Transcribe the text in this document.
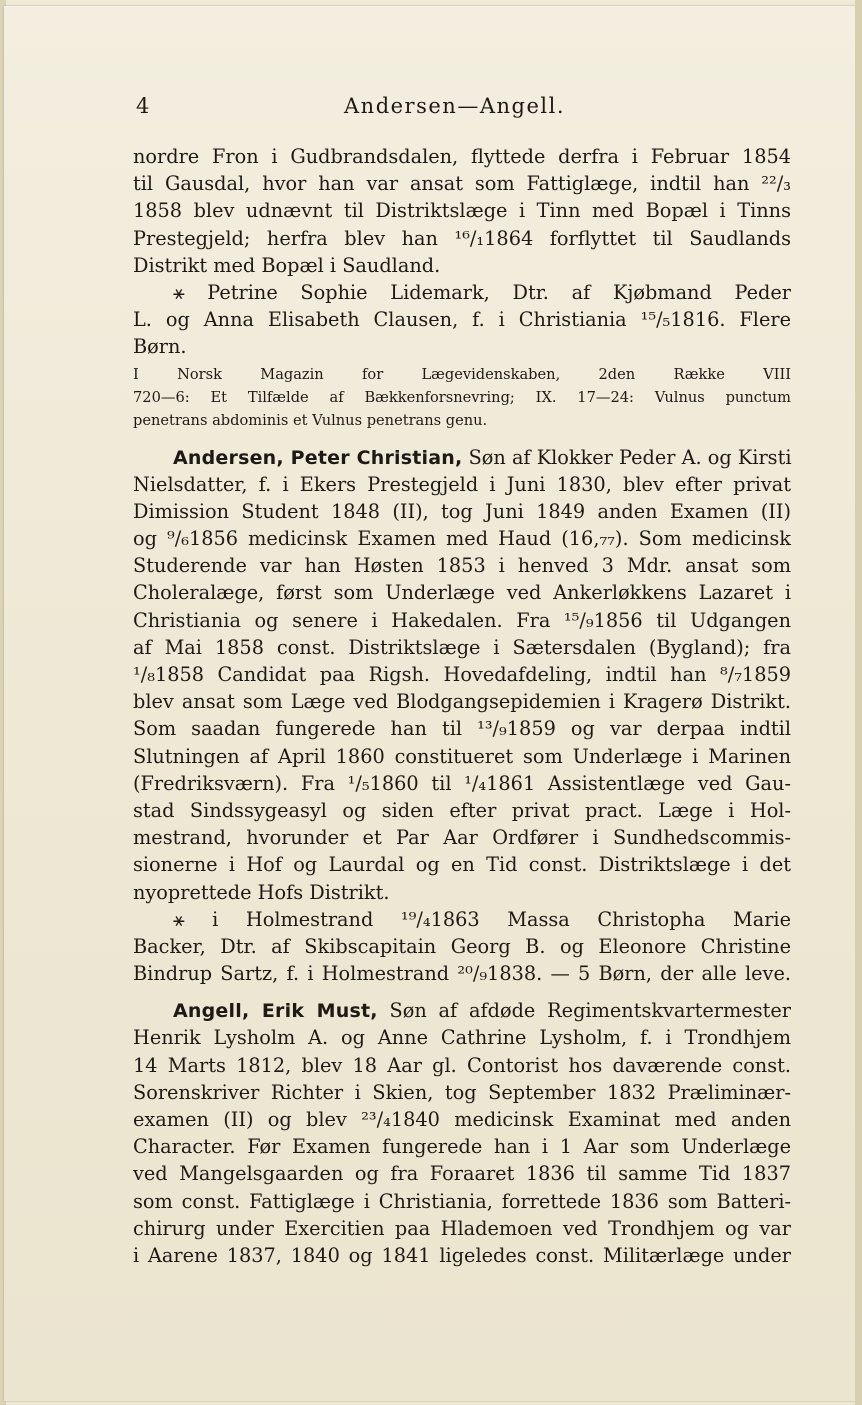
4	Andersen—Angell.
nordre Fron i Gudbrandsdalen, flyttede derfra i Februar 1854
til Gausdal, hvor han var ansat som Fattiglæge, indtil han ²²/₃
1858 blev udnævnt til Distriktslæge i Tinn med Bopæl i Tinns
Prestegjeld; herfra blev han ¹⁶/₁1864 forflyttet til Saudlands
Distrikt med Bopæl i Saudland.
⚹ Petrine Sophie Lidemark, Dtr. af Kjøbmand Peder
L. og Anna Elisabeth Clausen, f. i Christiania ¹⁵/₅1816. Flere
Børn.
I Norsk Magazin for Lægevidenskaben, 2den Række VIII
720—6: Et Tilfælde af Bækkenforsnevring; IX. 17—24: Vulnus punctum
penetrans abdominis et Vulnus penetrans genu.
Andersen, Peter Christian, Søn af Klokker Peder A. og Kirsti
Nielsdatter, f. i Ekers Prestegjeld i Juni 1830, blev efter privat
Dimission Student 1848 (II), tog Juni 1849 anden Examen (II)
og ⁹/₆1856 medicinsk Examen med Haud (16,₇₇). Som medicinsk
Studerende var han Høsten 1853 i henved 3 Mdr. ansat som
Choleralæge, først som Underlæge ved Ankerløkkens Lazaret i
Christiania og senere i Hakedalen. Fra ¹⁵/₉1856 til Udgangen
af Mai 1858 const. Distriktslæge i Sætersdalen (Bygland); fra
¹/₈1858 Candidat paa Rigsh. Hovedafdeling, indtil han ⁸/₇1859
blev ansat som Læge ved Blodgangsepidemien i Kragerø Distrikt.
Som saadan fungerede han til ¹³/₉1859 og var derpaa indtil
Slutningen af April 1860 constitueret som Underlæge i Marinen
(Fredriksværn). Fra ¹/₅1860 til ¹/₄1861 Assistentlæge ved Gau-
stad Sindssygeasyl og siden efter privat pract. Læge i Hol-
mestrand, hvorunder et Par Aar Ordfører i Sundhedscommis-
sionerne i Hof og Laurdal og en Tid const. Distriktslæge i det
nyoprettede Hofs Distrikt.
⚹ i Holmestrand ¹⁹/₄1863 Massa Christopha Marie
Backer, Dtr. af Skibscapitain Georg B. og Eleonore Christine
Bindrup Sartz, f. i Holmestrand ²⁰/₉1838. — 5 Børn, der alle leve.
Angell, Erik Must, Søn af afdøde Regimentskvartermester
Henrik Lysholm A. og Anne Cathrine Lysholm, f. i Trondhjem
14 Marts 1812, blev 18 Aar gl. Contorist hos daværende const.
Sorenskriver Richter i Skien, tog September 1832 Præliminær-
examen (II) og blev ²³/₄1840 medicinsk Examinat med anden
Character. Før Examen fungerede han i 1 Aar som Underlæge
ved Mangelsgaarden og fra Foraaret 1836 til samme Tid 1837
som const. Fattiglæge i Christiania, forrettede 1836 som Batteri-
chirurg under Exercitien paa Hlademoen ved Trondhjem og var
i Aarene 1837, 1840 og 1841 ligeledes const. Militærlæge under
